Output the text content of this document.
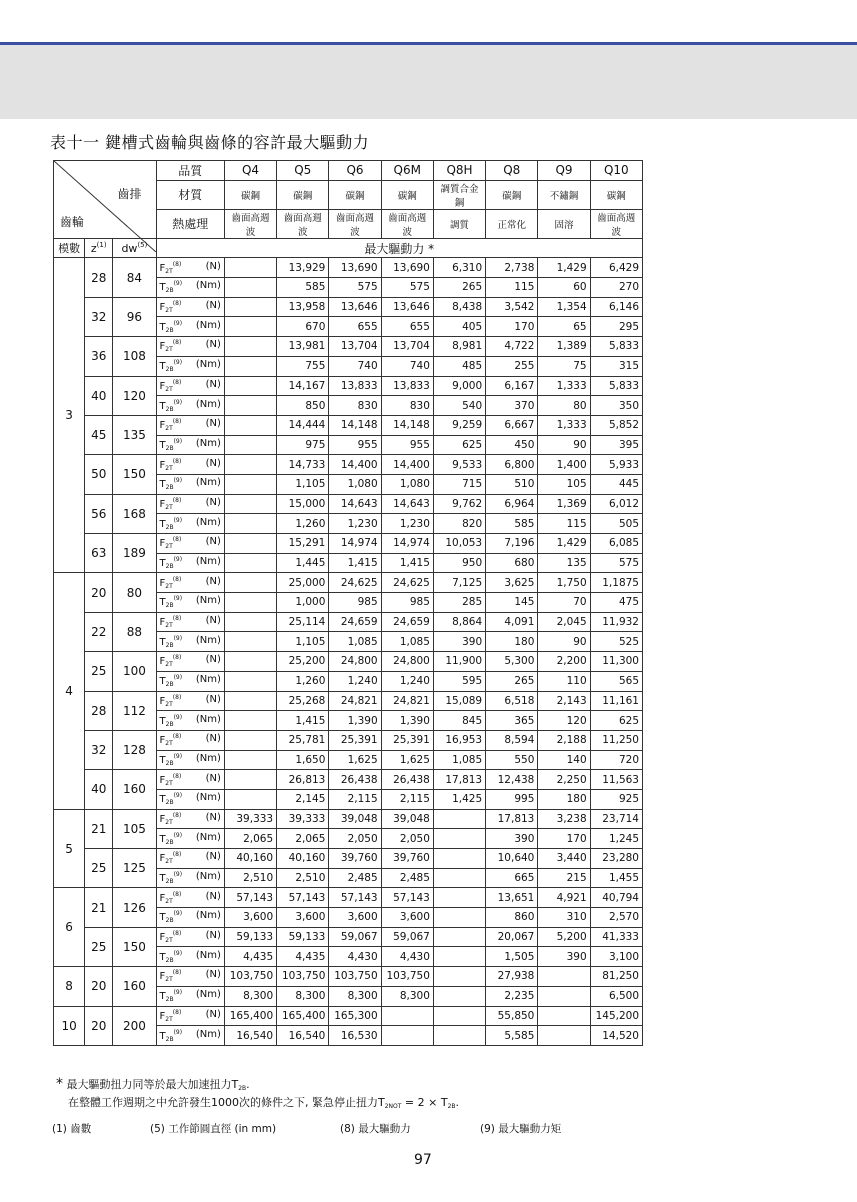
表十一 鍵槽式齒輪與齒條的容許最大驅動力
齒排
齒輪			品質	Q4	Q5	Q6	Q6M	Q8H	Q8	Q9	Q10
			材質	碳鋼	碳鋼	碳鋼	碳鋼	調質合金鋼	碳鋼	不鏽鋼	碳鋼
			熱處理	齒面高週波	齒面高週波	齒面高週波	齒面高週波	調質	正常化	固溶	齒面高週波
模數	$z^{(1)}$	$dw^{(5)}$	最大驅動力 *								
3	28	84	$F_{2T}^{(8)}$ (N)		13,929	13,690	13,690	6,310	2,738	1,429	6,429
			$T_{2B}^{(9)}$ (Nm)		585	575	575	265	115	60	270
	32	96	$F_{2T}^{(8)}$ (N)		13,958	13,646	13,646	8,438	3,542	1,354	6,146
			$T_{2B}^{(9)}$ (Nm)		670	655	655	405	170	65	295
	36	108	$F_{2T}^{(8)}$ (N)		13,981	13,704	13,704	8,981	4,722	1,389	5,833
			$T_{2B}^{(9)}$ (Nm)		755	740	740	485	255	75	315
	40	120	$F_{2T}^{(8)}$ (N)		14,167	13,833	13,833	9,000	6,167	1,333	5,833
			$T_{2B}^{(9)}$ (Nm)		850	830	830	540	370	80	350
	45	135	$F_{2T}^{(8)}$ (N)		14,444	14,148	14,148	9,259	6,667	1,333	5,852
			$T_{2B}^{(9)}$ (Nm)		975	955	955	625	450	90	395
	50	150	$F_{2T}^{(8)}$ (N)		14,733	14,400	14,400	9,533	6,800	1,400	5,933
			$T_{2B}^{(9)}$ (Nm)		1,105	1,080	1,080	715	510	105	445
	56	168	$F_{2T}^{(8)}$ (N)		15,000	14,643	14,643	9,762	6,964	1,369	6,012
			$T_{2B}^{(9)}$ (Nm)		1,260	1,230	1,230	820	585	115	505
	63	189	$F_{2T}^{(8)}$ (N)		15,291	14,974	14,974	10,053	7,196	1,429	6,085
			$T_{2B}^{(9)}$ (Nm)		1,445	1,415	1,415	950	680	135	575
4	20	80	$F_{2T}^{(8)}$ (N)		25,000	24,625	24,625	7,125	3,625	1,750	1,1875
			$T_{2B}^{(9)}$ (Nm)		1,000	985	985	285	145	70	475
	22	88	$F_{2T}^{(8)}$ (N)		25,114	24,659	24,659	8,864	4,091	2,045	11,932
			$T_{2B}^{(9)}$ (Nm)		1,105	1,085	1,085	390	180	90	525
	25	100	$F_{2T}^{(8)}$ (N)		25,200	24,800	24,800	11,900	5,300	2,200	11,300
			$T_{2B}^{(9)}$ (Nm)		1,260	1,240	1,240	595	265	110	565
	28	112	$F_{2T}^{(8)}$ (N)		25,268	24,821	24,821	15,089	6,518	2,143	11,161
			$T_{2B}^{(9)}$ (Nm)		1,415	1,390	1,390	845	365	120	625
	32	128	$F_{2T}^{(8)}$ (N)		25,781	25,391	25,391	16,953	8,594	2,188	11,250
			$T_{2B}^{(9)}$ (Nm)		1,650	1,625	1,625	1,085	550	140	720
	40	160	$F_{2T}^{(8)}$ (N)		26,813	26,438	26,438	17,813	12,438	2,250	11,563
			$T_{2B}^{(9)}$ (Nm)		2,145	2,115	2,115	1,425	995	180	925
5	21	105	$F_{2T}^{(8)}$ (N)	39,333	39,333	39,048	39,048		17,813	3,238	23,714
			$T_{2B}^{(9)}$ (Nm)	2,065	2,065	2,050	2,050		390	170	1,245
	25	125	$F_{2T}^{(8)}$ (N)	40,160	40,160	39,760	39,760		10,640	3,440	23,280
			$T_{2B}^{(9)}$ (Nm)	2,510	2,510	2,485	2,485		665	215	1,455
6	21	126	$F_{2T}^{(8)}$ (N)	57,143	57,143	57,143	57,143		13,651	4,921	40,794
			$T_{2B}^{(9)}$ (Nm)	3,600	3,600	3,600	3,600		860	310	2,570
	25	150	$F_{2T}^{(8)}$ (N)	59,133	59,133	59,067	59,067		20,067	5,200	41,333
			$T_{2B}^{(9)}$ (Nm)	4,435	4,435	4,430	4,430		1,505	390	3,100
8	20	160	$F_{2T}^{(8)}$ (N)	103,750	103,750	103,750	103,750		27,938		81,250
			$T_{2B}^{(9)}$ (Nm)	8,300	8,300	8,300	8,300		2,235		6,500
10	20	200	$F_{2T}^{(8)}$ (N)	165,400	165,400	165,300			55,850		145,200
			$T_{2B}^{(9)}$ (Nm)	16,540	16,540	16,530			5,585		14,520
* 最大驅動扭力同等於最大加速扭力$T_{2B}$.
在整體工作週期之中允許發生1000次的條件之下, 緊急停止扭力$T_{2NOT} = 2 \times T_{2B}$.
(1) 齒數	(5) 工作節圓直徑 (in mm)	(8) 最大驅動力	(9) 最大驅動力矩
97
